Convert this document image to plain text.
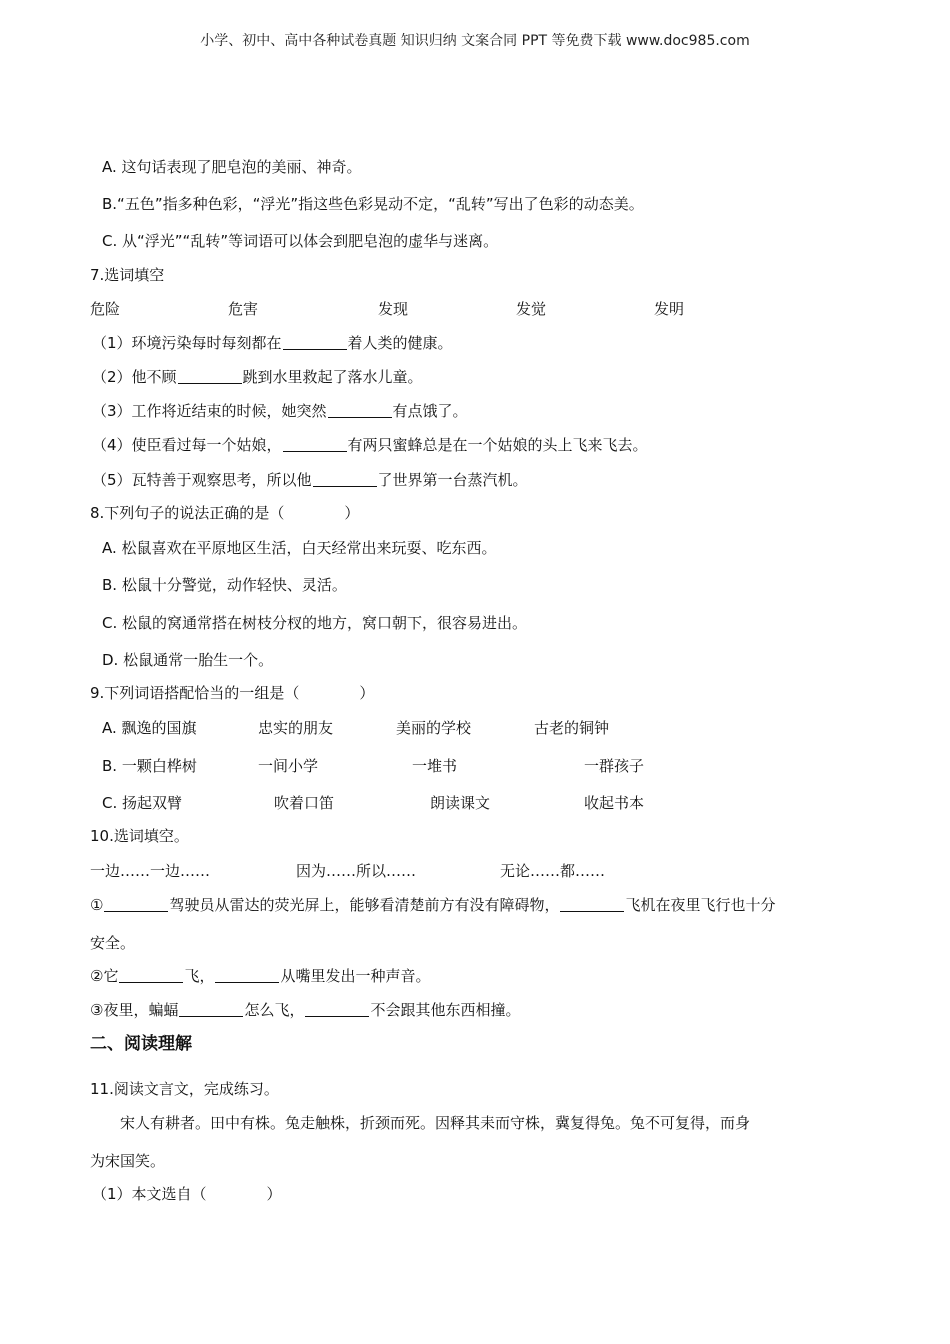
小学、初中、高中各种试卷真题 知识归纳 文案合同 PPT 等免费下载 www.doc985.com
A. 这句话表现了肥皂泡的美丽、神奇。
B.“五色”指多种色彩，“浮光”指这些色彩晃动不定，“乱转”写出了色彩的动态美。
C. 从“浮光”“乱转”等词语可以体会到肥皂泡的虚华与迷离。
7.选词填空
危险	危害	发现	发觉	发明
（1）环境污染每时每刻都在	着人类的健康。
（2）他不顾	跳到水里救起了落水儿童。
（3）工作将近结束的时候，她突然	有点饿了。
（4）使臣看过每一个姑娘，	有两只蜜蜂总是在一个姑娘的头上飞来飞去。
（5）瓦特善于观察思考，所以他	了世界第一台蒸汽机。
8.下列句子的说法正确的是（	）
A. 松鼠喜欢在平原地区生活，白天经常出来玩耍、吃东西。
B. 松鼠十分警觉，动作轻快、灵活。
C. 松鼠的窝通常搭在树枝分杈的地方，窝口朝下，很容易进出。
D. 松鼠通常一胎生一个。
9.下列词语搭配恰当的一组是（	）
A. 飘逸的国旗	忠实的朋友	美丽的学校	古老的铜钟
B. 一颗白桦树	一间小学	一堆书	一群孩子
C. 扬起双臂	吹着口笛	朗读课文	收起书本
10.选词填空。
一边……一边……	因为……所以……	无论……都……
①	驾驶员从雷达的荧光屏上，能够看清楚前方有没有障碍物，	飞机在夜里飞行也十分
安全。
②它	飞，	从嘴里发出一种声音。
③夜里，蝙蝠	怎么飞，	不会跟其他东西相撞。
二、阅读理解
11.阅读文言文，完成练习。
宋人有耕者。田中有株。兔走触株，折颈而死。因释其耒而守株，冀复得兔。兔不可复得，而身
为宋国笑。
（1）本文选自（	）
